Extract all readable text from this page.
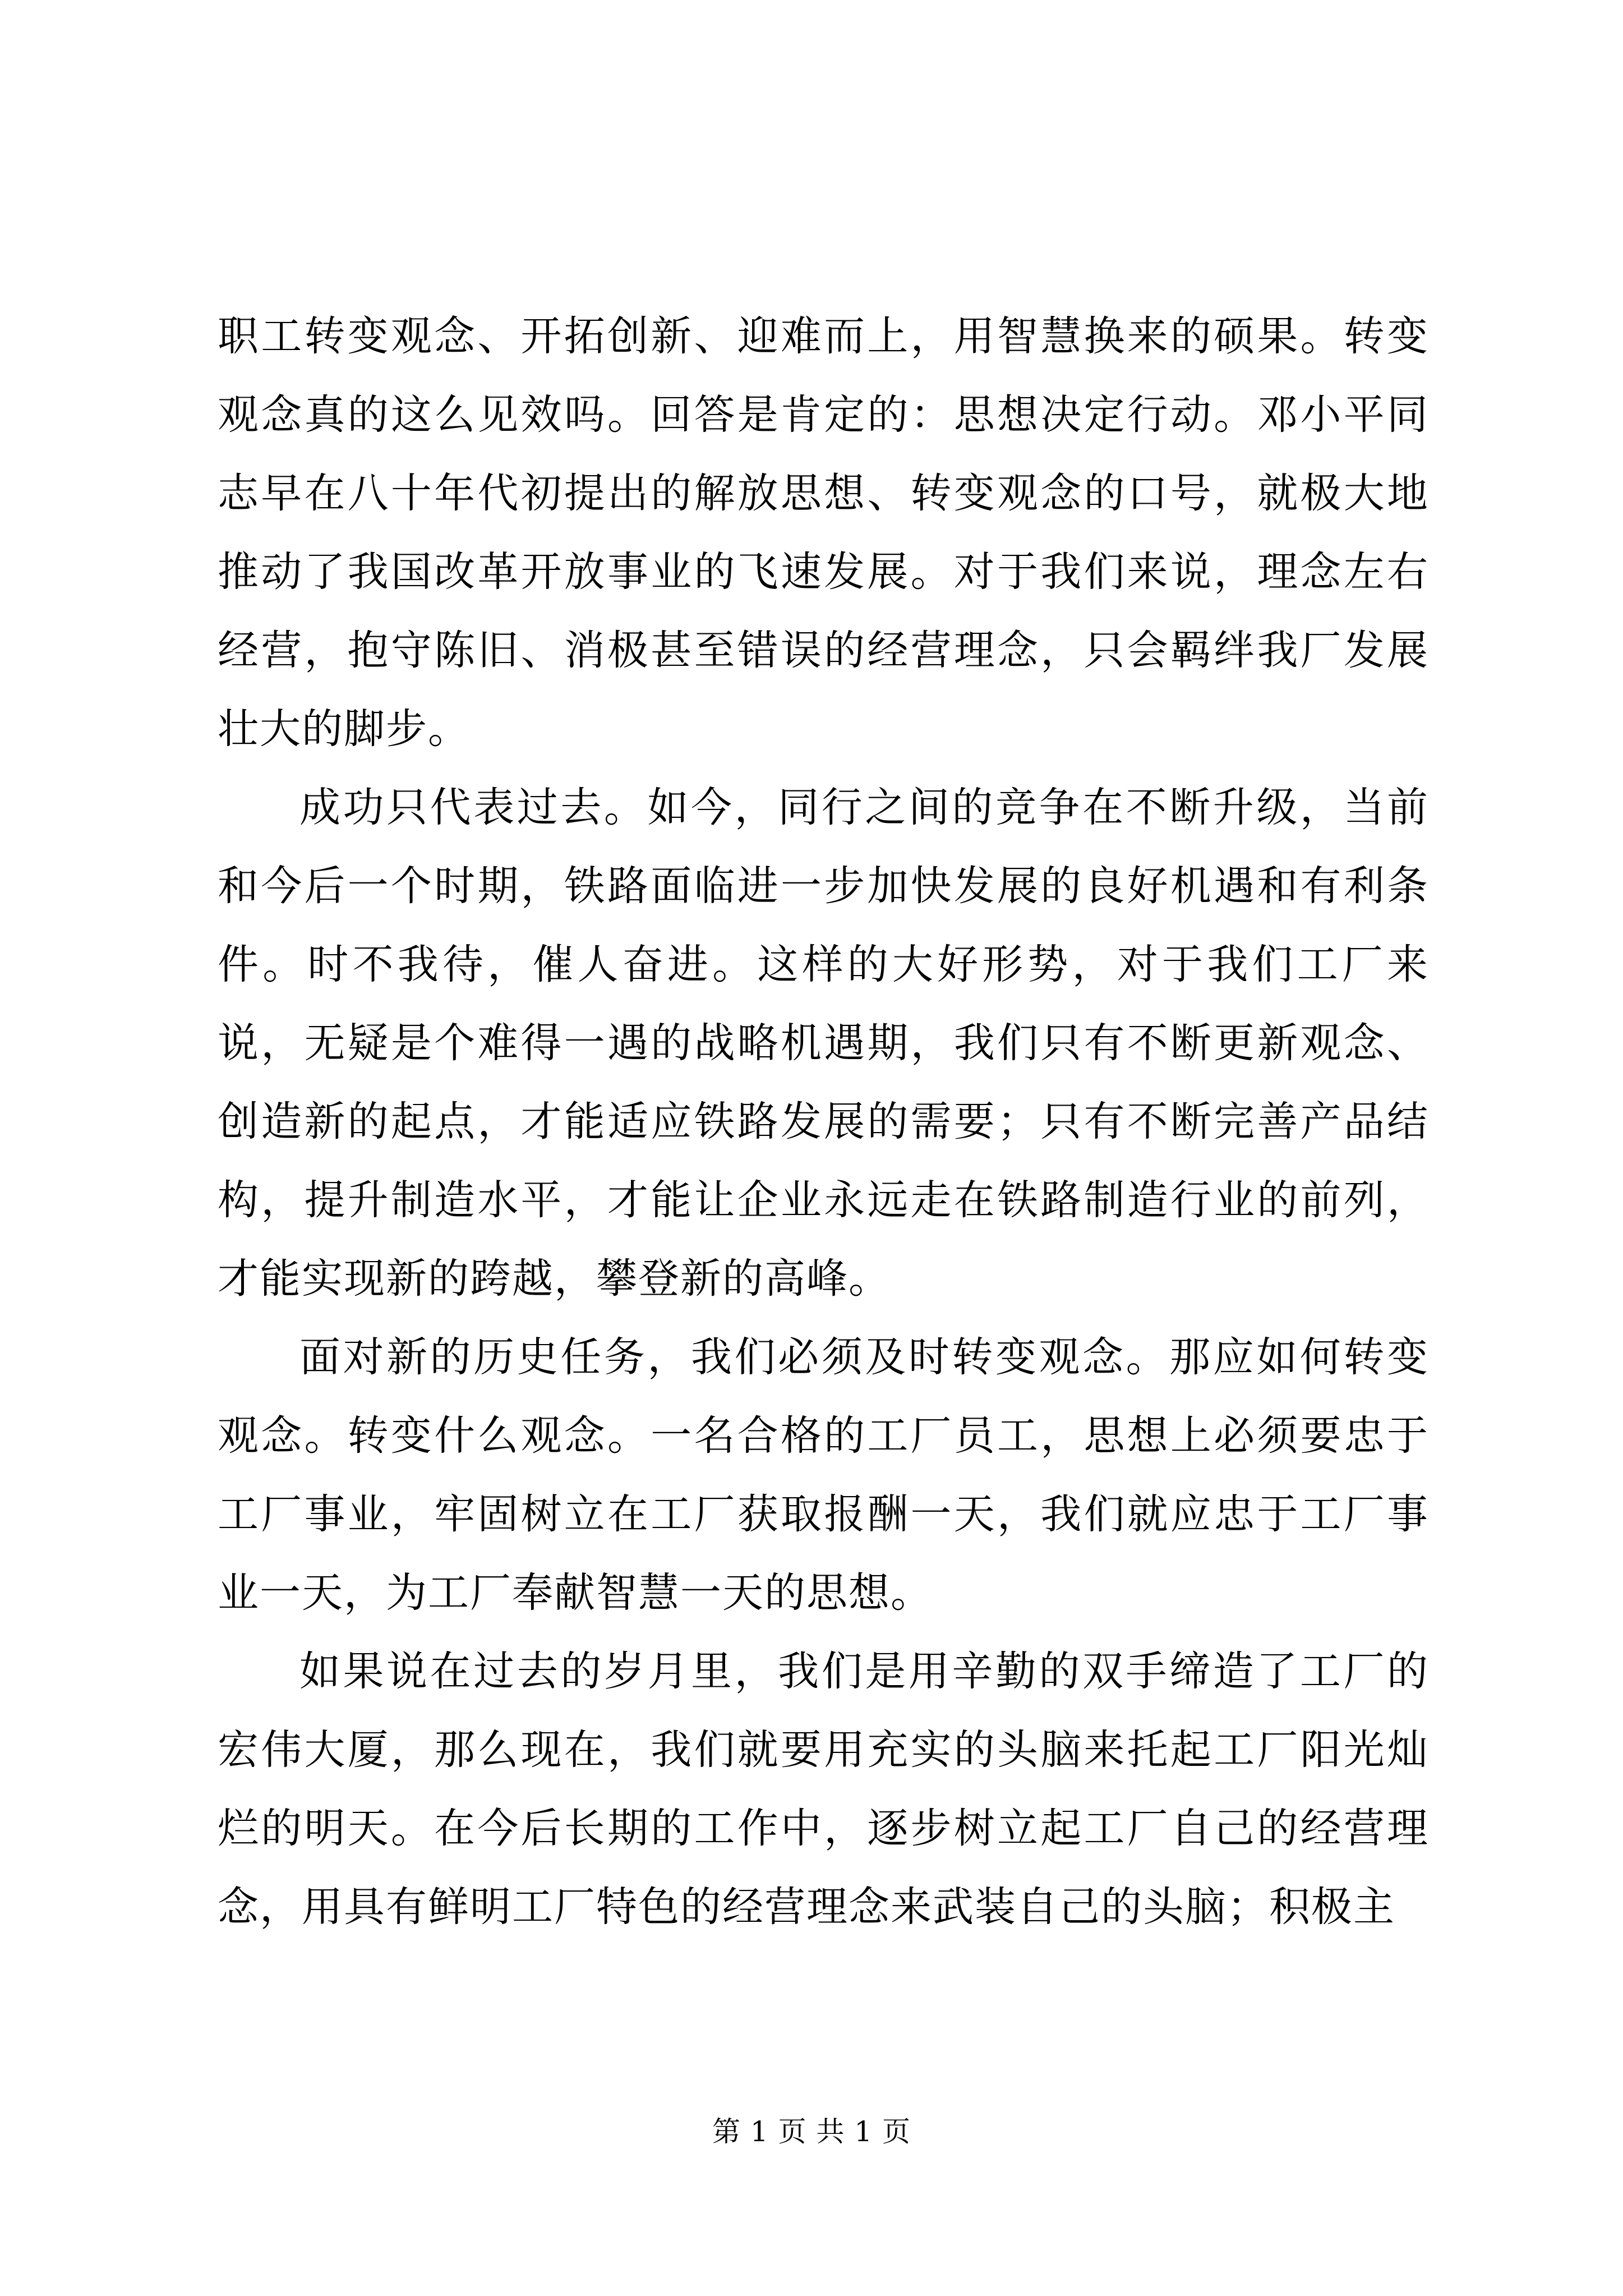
职工转变观念、开拓创新、迎难而上，用智慧换来的硕果。转变观念真的这么见效吗。回答是肯定的：思想决定行动。邓小平同志早在八十年代初提出的解放思想、转变观念的口号，就极大地推动了我国改革开放事业的飞速发展。对于我们来说，理念左右经营，抱守陈旧、消极甚至错误的经营理念，只会羁绊我厂发展壮大的脚步。

成功只代表过去。如今，同行之间的竞争在不断升级，当前和今后一个时期，铁路面临进一步加快发展的良好机遇和有利条件。时不我待，催人奋进。这样的大好形势，对于我们工厂来说，无疑是个难得一遇的战略机遇期，我们只有不断更新观念、创造新的起点，才能适应铁路发展的需要；只有不断完善产品结构，提升制造水平，才能让企业永远走在铁路制造行业的前列，才能实现新的跨越，攀登新的高峰。

面对新的历史任务，我们必须及时转变观念。那应如何转变观念。转变什么观念。一名合格的工厂员工，思想上必须要忠于工厂事业，牢固树立在工厂获取报酬一天，我们就应忠于工厂事业一天，为工厂奉献智慧一天的思想。

如果说在过去的岁月里，我们是用辛勤的双手缔造了工厂的宏伟大厦，那么现在，我们就要用充实的头脑来托起工厂阳光灿烂的明天。在今后长期的工作中，逐步树立起工厂自己的经营理念，用具有鲜明工厂特色的经营理念来武装自己的头脑；积极主

第 1 页 共 1 页
